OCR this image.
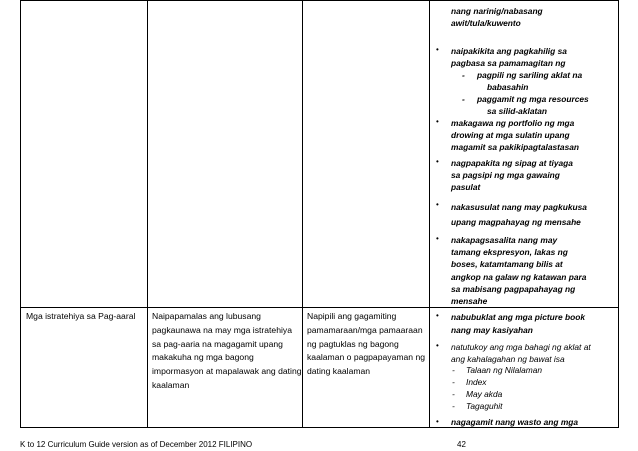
nang narinig/nabasang
awit/tula/kuwento
• naipakikita ang pagkahilig sa
pagbasa sa pamamagitan ng
- pagpili ng sariling aklat na
babasahin
- paggamit ng mga resources
sa silid-aklatan
• makagawa ng portfolio ng mga
drowing at mga sulatin upang
magamit sa pakikipagtalastasan
• nagpapakita ng sipag at tiyaga
sa pagsipi ng mga gawaing
pasulat
• nakasusulat nang may pagkukusa
upang magpahayag ng mensahe
• nakapagsasalita nang may
tamang ekspresyon, lakas ng
boses, katamtamang bilis at
angkop na galaw ng katawan para
sa mabisang pagpapahayag ng
mensahe
Mga istratehiya sa Pag-aaral Naipapamalas ang lubusang
pagkaunawa na may mga istratehiya
sa pag-aaria na magagamit upang
makakuha ng mga bagong
impormasyon at mapalawak ang dating
kaalaman
Napipili ang gagamiting
pamamaraan/mga pamaaraan
ng pagtuklas ng bagong
kaalaman o pagpapayaman ng
dating kaalaman
• nabubuklat ang mga picture book
nang may kasiyahan
• natutukoy ang mga bahagi ng aklat at
ang kahalagahan ng bawat isa
- Talaan ng Nilalaman
- Index
- May akda
- Tagaguhit
• nagagamit nang wasto ang mga
K to 12 Curriculum Guide version as of December 2012 FILIPINO	42
